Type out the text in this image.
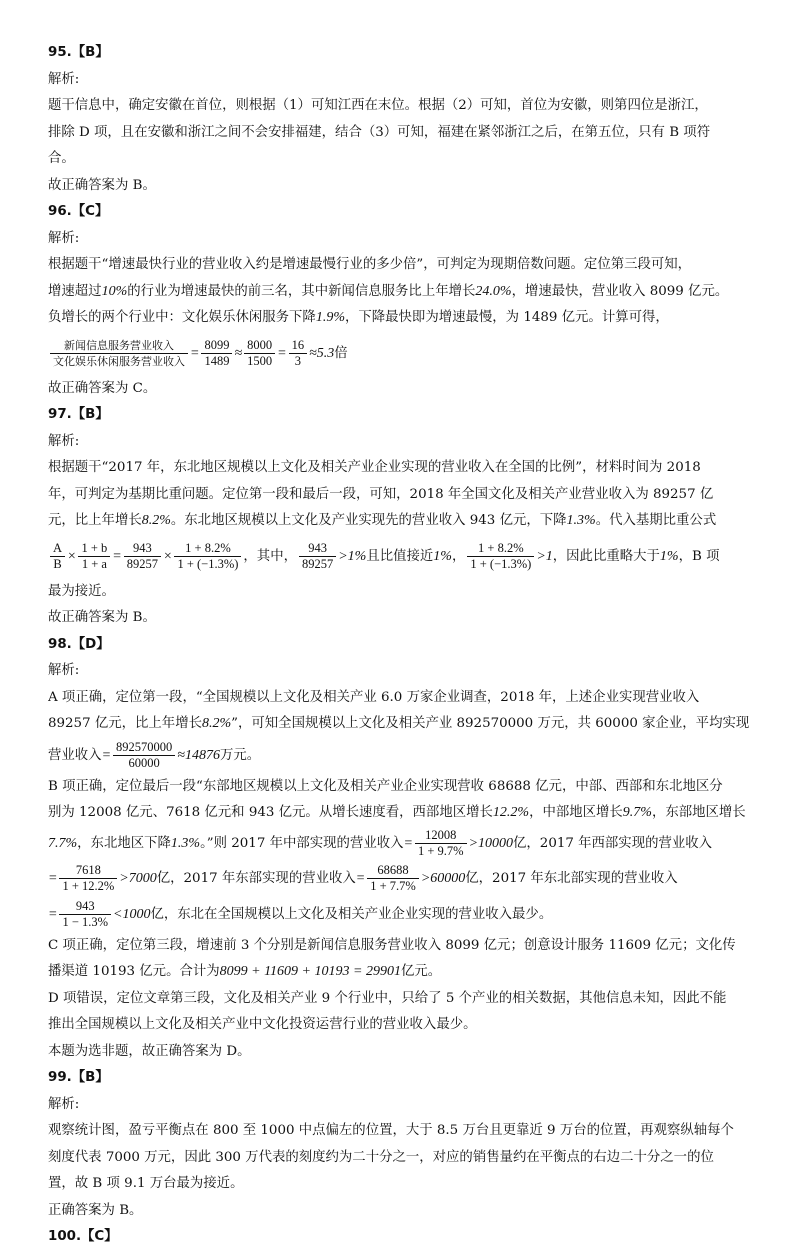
95.【B】
解析:
题干信息中，确定安徽在首位，则根据（1）可知江西在末位。根据（2）可知，首位为安徽，则第四位是浙江，
排除 D 项，且在安徽和浙江之间不会安排福建，结合（3）可知，福建在紧邻浙江之后，在第五位，只有 B 项符
合。
故正确答案为 B。
96.【C】
解析:
根据题干“增速最快行业的营业收入约是增速最慢行业的多少倍”，可判定为现期倍数问题。定位第三段可知，
增速超过10%的行业为增速最快的前三名，其中新闻信息服务比上年增长24.0%，增速最快，营业收入 8099 亿元。
负增长的两个行业中：文化娱乐休闲服务下降1.9%，下降最快即为增速最慢，为 1489 亿元。计算可得，
$\frac{\text{新闻信息服务营业收入}}{\text{文化娱乐休闲服务营业收入}} = \frac{8099}{1489} \approx \frac{8000}{1500} = \frac{16}{3} \approx 5.3$倍
故正确答案为 C。
97.【B】
解析:
根据题干“2017 年，东北地区规模以上文化及相关产业企业实现的营业收入在全国的比例”，材料时间为 2018
年，可判定为基期比重问题。定位第一段和最后一段，可知，2018 年全国文化及相关产业营业收入为 89257 亿
元，比上年增长8.2%。东北地区规模以上文化及产业实现先的营业收入 943 亿元，下降1.3%。代入基期比重公式
$\frac{A}{B} \times \frac{1 + b}{1 + a} = \frac{943}{89257} \times \frac{1 + 8.2\%}{1 + (-1.3\%)}$ ，其中， $\frac{943}{89257} >1\%$且比值接近1%， $\frac{1 + 8.2\%}{1 + (-1.3\%)} >1$，因此比重略大于1%，B 项
最为接近。
故正确答案为 B。
98.【D】
解析:
A 项正确，定位第一段，“全国规模以上文化及相关产业 6.0 万家企业调查，2018 年，上述企业实现营业收入
89257 亿元，比上年增长8.2%”，可知全国规模以上文化及相关产业 892570000 万元，共 60000 家企业，平均实现
营业收入= $\frac{892570000}{60000} \approx 14876$万元。
B 项正确，定位最后一段“东部地区规模以上文化及相关产业企业实现营收 68688 亿元，中部、西部和东北地区分
别为 12008 亿元、7618 亿元和 943 亿元。从增长速度看，西部地区增长12.2%，中部地区增长9.7%，东部地区增长
7.7%，东北地区下降1.3%。”则 2017 年中部实现的营业收入= $\frac{12008}{1 + 9.7\%} >10000$亿，2017 年西部实现的营业收入
= $\frac{7618}{1 + 12.2\%} >7000$亿，2017 年东部实现的营业收入= $\frac{68688}{1 + 7.7\%} >60000$亿，2017 年东北部实现的营业收入
= $\frac{943}{1 - 1.3\%} <1000$亿，东北在全国规模以上文化及相关产业企业实现的营业收入最少。
C 项正确，定位第三段，增速前 3 个分别是新闻信息服务营业收入 8099 亿元；创意设计服务 11609 亿元；文化传
播渠道 10193 亿元。合计为8099 + 11609 + 10193 = 29901亿元。
D 项错误，定位文章第三段，文化及相关产业 9 个行业中，只给了 5 个产业的相关数据，其他信息未知，因此不能
推出全国规模以上文化及相关产业中文化投资运营行业的营业收入最少。
本题为选非题，故正确答案为 D。
99.【B】
解析:
观察统计图，盈亏平衡点在 800 至 1000 中点偏左的位置，大于 8.5 万台且更靠近 9 万台的位置，再观察纵轴每个
刻度代表 7000 万元，因此 300 万代表的刻度约为二十分之一，对应的销售量约在平衡点的右边二十分之一的位
置，故 B 项 9.1 万台最为接近。
正确答案为 B。
100.【C】
